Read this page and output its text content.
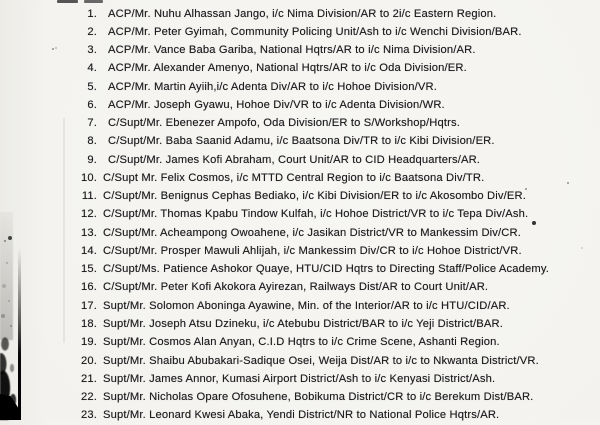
1. ACP/Mr. Nuhu Alhassan Jango, i/c Nima Division/AR to 2i/c Eastern Region.
2. ACP/Mr. Peter Gyimah, Community Policing Unit/Ash to i/c Wenchi Division/BAR.
3. ACP/Mr. Vance Baba Gariba, National Hqtrs/AR to i/c Nima Division/AR.
4. ACP/Mr. Alexander Amenyo, National Hqtrs/AR to i/c Oda Division/ER.
5. ACP/Mr. Martin Ayiih,i/c Adenta Div/AR to i/c Hohoe Division/VR.
6. ACP/Mr. Joseph Gyawu, Hohoe Div/VR to i/c Adenta Division/WR.
7. C/Supt/Mr. Ebenezer Ampofo, Oda Division/ER to S/Workshop/Hqtrs.
8. C/Supt/Mr. Baba Saanid Adamu, i/c Baatsona Div/TR to i/c Kibi Division/ER.
9. C/Supt/Mr. James Kofi Abraham, Court Unit/AR to CID Headquarters/AR.
10. C/Supt Mr. Felix Cosmos, i/c MTTD Central Region to i/c Baatsona Div/TR.
11. C/Supt/Mr. Benignus Cephas Bediako, i/c Kibi Division/ER to i/c Akosombo Div/ER.
12. C/Supt/Mr. Thomas Kpabu Tindow Kulfah, i/c Hohoe District/VR to i/c Tepa Div/Ash.
13. C/Supt/Mr. Acheampong Owoahene, i/c Jasikan District/VR to Mankessim Div/CR.
14. C/Supt/Mr. Prosper Mawuli Ahlijah, i/c Mankessim Div/CR to i/c Hohoe District/VR.
15. C/Supt/Ms. Patience Ashokor Quaye, HTU/CID Hqtrs to Directing Staff/Police Academy.
16. C/Supt/Mr. Peter Kofi Akokora Ayirezan, Railways Dist/AR to Court Unit/AR.
17. Supt/Mr. Solomon Aboninga Ayawine, Min. of the Interior/AR to i/c HTU/CID/AR.
18. Supt/Mr. Joseph Atsu Dzineku, i/c Atebubu District/BAR to i/c Yeji District/BAR.
19. Supt/Mr. Cosmos Alan Anyan, C.I.D Hqtrs to i/c Crime Scene, Ashanti Region.
20. Supt/Mr. Shaibu Abubakari-Sadique Osei, Weija Dist/AR to i/c to Nkwanta District/VR.
21. Supt/Mr. James Annor, Kumasi Airport District/Ash to i/c Kenyasi District/Ash.
22. Supt/Mr. Nicholas Opare Ofosuhene, Bobikuma District/CR to i/c Berekum Dist/BAR.
23. Supt/Mr. Leonard Kwesi Abaka, Yendi District/NR to National Police Hqtrs/AR.
